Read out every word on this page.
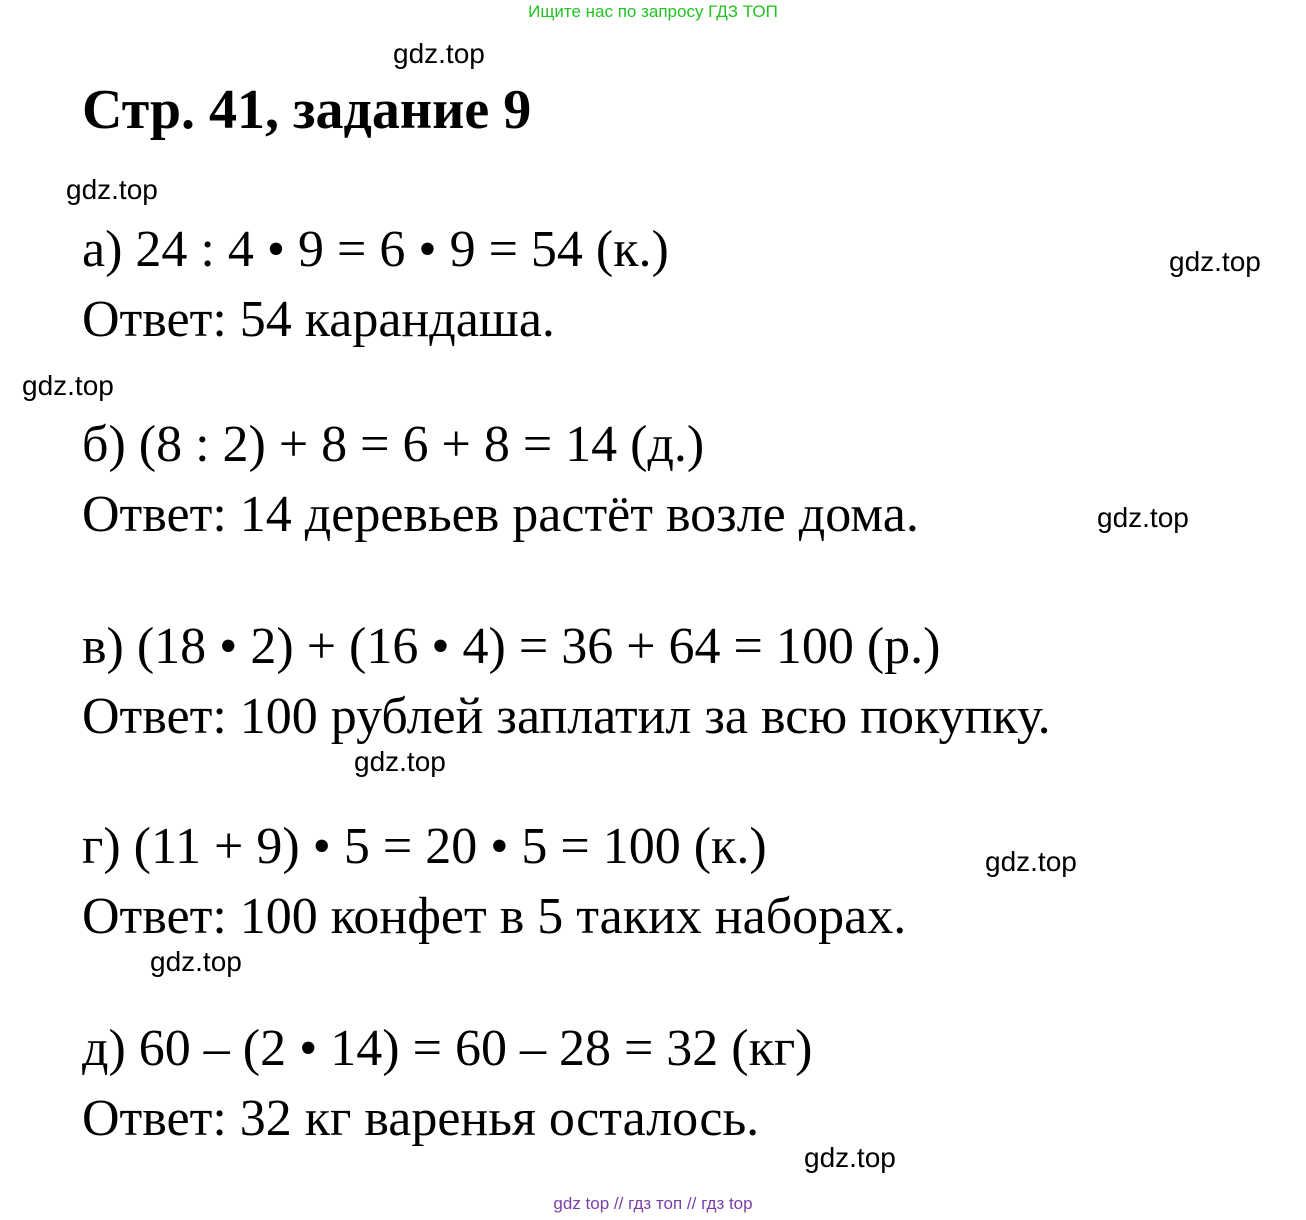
Ищите нас по запросу ГДЗ ТОП
Стр. 41, задание 9
а) 24 : 4 • 9 = 6 • 9 = 54 (к.)
Ответ: 54 карандаша.
б) (8 : 2) + 8 = 6 + 8 = 14 (д.)
Ответ: 14 деревьев растёт возле дома.
в) (18 • 2) + (16 • 4) = 36 + 64 = 100 (р.)
Ответ: 100 рублей заплатил за всю покупку.
г) (11 + 9) • 5 = 20 • 5 = 100 (к.)
Ответ: 100 конфет в 5 таких наборах.
д) 60 – (2 • 14) = 60 – 28 = 32 (кг)
Ответ: 32 кг варенья осталось.
gdz.top
gdz.top
gdz.top
gdz.top
gdz.top
gdz.top
gdz.top
gdz.top
gdz.top
gdz top // гдз топ // гдз top
